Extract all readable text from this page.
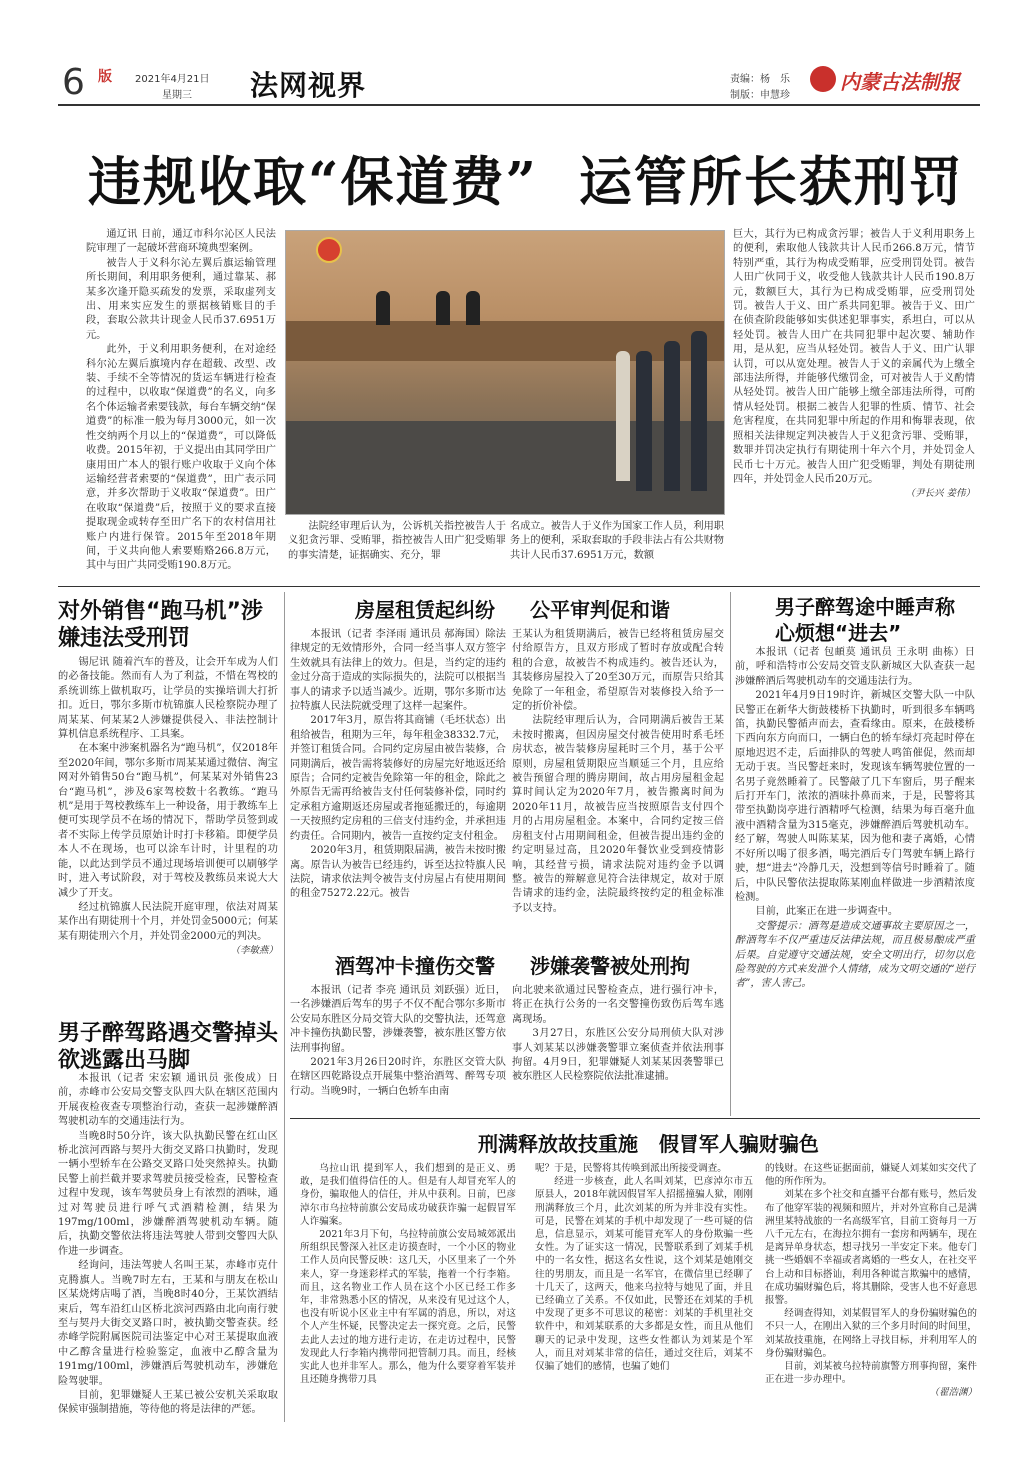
6 版 2021年4月21日
星期三 法网视界	责编：杨　乐
制版：申慧珍
内蒙古法制报
违规收取“保道费”  运管所长获刑罚

通辽讯 日前，通辽市科尔沁区人民法院审理了一起破坏营商环境典型案例。

被告人于义科尔沁左翼后旗运输管理所长期间，利用职务便利，通过靠某、郝某多次逢开隐买疏发的发票，采取虚列支出、用来实应发生的票据核销账目的手段，套取公款共计现金人民币37.6951万元。

此外，于义利用职务便利，在对途经科尔沁左翼后旗境内存在超载、改型、改装、手续不全等情况的货运车辆进行检查的过程中，以收取“保道费”的名义，向多名个体运输者索要钱款，每台车辆交纳“保道费”的标准一般为每月3000元，如一次性交纳两个月以上的“保道费”，可以降低收费。2015年初，于义提出由其同学田广康用田广本人的银行账户收取于义向个体运输经营者索要的“保道费”，田广表示同意，并多次帮助于义收取“保道费”。田广在收取“保道费”后，按照于义的要求直接提取现金或转存至田广名下的农村信用社账户内进行保管。2015年至2018年期间，于义共向他人索要贿赂266.8万元，其中与田广共同受贿190.8万元。

法院经审理后认为，公诉机关指控被告人于义犯贪污罪、受贿罪，指控被告人田广犯受贿罪的事实清楚，证据确实、充分，罪

名成立。被告人于义作为国家工作人员，利用职务上的便利，采取套取的手段非法占有公共财物共计人民币37.6951万元，数额

巨大，其行为已构成贪污罪；被告人于义利用职务上的便利，索取他人钱款共计人民币266.8万元，情节特别严重，其行为构成受贿罪，应受刑罚处罚。被告人田广伙同于义，收受他人钱款共计人民币190.8万元，数额巨大，其行为已构成受贿罪，应受刑罚处罚。被告人于义、田广系共同犯罪。被告于义、田广在侦查阶段能够如实供述犯罪事实，系坦白，可以从轻处罚。被告人田广在共同犯罪中起次要、辅助作用，是从犯，应当从轻处罚。被告人于义、田广认罪认罚，可以从宽处理。被告人于义的亲属代为上缴全部违法所得，并能够代缴罚金，可对被告人于义酌情从轻处罚。被告人田广能够上缴全部违法所得，可酌情从轻处罚。根据二被告人犯罪的性质、情节、社会危害程度，在共同犯罪中所起的作用和悔罪表现，依照相关法律规定判决被告人于义犯贪污罪、受贿罪，数罪并罚决定执行有期徒刑十年六个月，并处罚金人民币七十万元。被告人田广犯受贿罪，判处有期徒刑四年，并处罚金人民币20万元。

（尹长兴 姜伟）
对外销售“跑马机”涉嫌违法受刑罚

锡尼讯 随着汽车的普及，让会开车成为人们的必备技能。然而有人为了利益，不惜在驾校的系统训练上做机取巧，让学员的实操培训大打折扣。近日，鄂尔多斯市杭锦旗人民检察院办理了周某某、何某某2人涉嫌提供侵入、非法控制计算机信息系统程序、工具案。

在本案中涉案机器名为“跑马机”，仅2018年至2020年间，鄂尔多斯市周某某通过微信、淘宝网对外销售50台“跑马机”，何某某对外销售23台“跑马机”，涉及6家驾校数十名教练。“跑马机”是用于驾校教练车上一种设备，用于教练车上便可实现学员不在场的情况下，帮助学员签到或者不实际上传学员原始计时打卡移箱。即便学员本人不在现场，也可以涂车计时，计里程的功能，以此达到学员不通过现场培训便可以刷够学时，进入考试阶段，对于驾校及教练员来说大大减少了开支。

经过杭锦旗人民法院开庭审理，依法对周某某作出有期徒刑十个月，并处罚金5000元；何某某有期徒刑六个月，并处罚金2000元的判决。

（李敏燕）
男子醉驾路遇交警掉头欲逃露出马脚

本报讯（记者 宋宏颖 通讯员 张俊成）日前，赤峰市公安局交警支队四大队在辖区范围内开展夜检夜查专项整治行动，查获一起涉嫌醉酒驾驶机动车的交通违法行为。

当晚8时50分许，该大队执勤民警在红山区桥北滨河西路与契丹大街交叉路口执勤时，发现一辆小型轿车在公路交叉路口处突然掉头。执勤民警上前拦截并要求驾驶员接受检查，民警检查过程中发现，该车驾驶员身上有浓烈的酒味，通过对驾驶员进行呼气式酒精检测，结果为197mg/100ml，涉嫌醉酒驾驶机动车辆。随后，执勤交警依法将违法驾驶人带到交警四大队作进一步调查。

经询问，违法驾驶人名叫王某，赤峰市克什克腾旗人。当晚7时左右，王某和与朋友在松山区某烧烤店喝了酒，当晚8时40分，王某饮酒结束后，驾车沿红山区桥北滨河西路由北向南行驶至与契丹大街交叉路口时，被执勤交警查获。经赤峰学院附属医院司法鉴定中心对王某提取血液中乙醇含量进行检验鉴定，血液中乙醇含量为191mg/100ml，涉嫌酒后驾驶机动车，涉嫌危险驾驶罪。

目前，犯罪嫌疑人王某已被公安机关采取取保候审强制措施，等待他的将是法律的严惩。

房屋租赁起纠纷 公平审判促和谐

本报讯（记者 李泽雨 通讯员 郝海国）除法律规定的无效情形外，合同一经当事人双方签字生效就具有法律上的效力。但是，当约定的违约金过分高于造成的实际损失的，法院可以根据当事人的请求予以适当减少。近期，鄂尔多斯市达拉特旗人民法院就受理了这样一起案件。

2017年3月，原告将其商铺（毛坯状态）出租给被告，租期为三年，每年租金38332.7元，并签订租赁合同。合同约定房屋由被告装修，合同期满后，被告需将装修好的房屋完好地返还给原告；合同约定被告免除第一年的租金，除此之外原告无需再给被告支付任何装修补偿，同时约定承租方逾期返还房屋或者拖延搬迁的，每逾期一天按照约定房租的三倍支付违约金，并承担违约责任。合同期内，被告一直按约定支付租金。

2020年3月，租赁期限届满，被告未按时搬离。原告认为被告已经违约，诉至达拉特旗人民法院，请求依法判令被告支付房屋占有使用期间的租金75272.22元。被告

王某认为租赁期满后，被告已经将租赁房屋交付给原告方，且双方形成了暂时存放或配合转租的合意，故被告不构成违约。被告还认为，其装修房屋投入了20至30万元，而原告只给其免除了一年租金，希望原告对装修投入给予一定的折价补偿。

法院经审理后认为，合同期满后被告王某未按时搬离，但因房屋交付被告使用时系毛坯房状态，被告装修房屋耗时三个月，基于公平原则，房屋租赁期限应当顺延三个月，且应给被告预留合理的腾房期间，故占用房屋租金起算时间认定为2020年7月，被告搬离时间为2020年11月，故被告应当按照原告支付四个月的占用房屋租金。本案中，合同约定按三倍房租支付占用期间租金，但被告提出违约金的约定明显过高，且2020年餐饮业受到疫情影响，其经营亏损，请求法院对违约金予以调整。被告的辩解意见符合法律规定，故对于原告请求的违约金，法院最终按约定的租金标准予以支持。

酒驾冲卡撞伤交警 涉嫌袭警被处刑拘

本报讯（记者 李亮 通讯员 刘跃强）近日，一名涉嫌酒后驾车的男子不仅不配合鄂尔多斯市公安局东胜区分局交管大队的交警执法，还驾意冲卡撞伤执勤民警，涉嫌袭警，被东胜区警方依法刑事拘留。

2021年3月26日20时许，东胜区交管大队在辖区四乾路设点开展集中整治酒驾、醉驾专项行动。当晚9时，一辆白色轿车由南

向北驶来欲通过民警检查点，进行强行冲卡，将正在执行公务的一名交警撞伤致伤后驾车逃离现场。

3月27日，东胜区公安分局刑侦大队对涉事人刘某某以涉嫌袭警罪立案侦查并依法刑事拘留。4月9日，犯罪嫌疑人刘某某因袭警罪已被东胜区人民检察院依法批准逮捕。

男子醉驾途中睡声称心烦想“进去”

本报讯（记者 包頔莫 通讯员 王永明 曲栋）日前，呼和浩特市公安局交管支队新城区大队查获一起涉嫌醉酒后驾驶机动车的交通违法行为。

2021年4月9日19时许，新城区交警大队一中队民警正在新华大街鼓楼桥下执勤时，听到很多车辆鸣笛，执勤民警循声而去，查看缘由。原来，在鼓楼桥下西向东方向而口，一辆白色的轿车绿灯亮起时停在原地迟迟不走，后面排队的驾驶人鸣笛催促，然而却无动于衷。当民警赶来时，发现该车辆驾驶位置的一名男子竟然睡着了。民警敲了几下车窗后，男子醒来后打开车门，浓浓的酒味扑鼻而来，于是，民警将其带至执勤岗亭进行酒精呼气检测，结果为每百毫升血液中酒精含量为315毫克，涉嫌醉酒后驾驶机动车。经了解，驾驶人叫陈某某，因为他和妻子离婚，心情不好所以喝了很多酒，喝完酒后专门驾驶车辆上路行驶，想“进去”冷静几天，没想到等信号时睡着了。随后，中队民警依法提取陈某刚血样做进一步酒精浓度检测。

目前，此案正在进一步调查中。

交警提示：酒驾是造成交通事故主要原因之一，醉酒驾车不仅严重违反法律法规，而且极易酿成严重后果。自觉遵守交通法规，安全文明出行，切勿以危险驾驶的方式来发泄个人情绪，成为文明交通的“逆行者”，害人害己。

刑满释放故技重施   假冒军人骗财骗色

乌拉山讯 提到军人，我们想到的是正义、勇敢，是我们值得信任的人。但是有人却冒充军人的身份，骗取他人的信任，并从中获利。日前，巴彦淖尔市乌拉特前旗公安局成功破获诈骗一起假冒军人诈骗案。

2021年3月下旬，乌拉特前旗公安局城郊派出所组织民警深入社区走访摸查时，一个小区的物业工作人员向民警反映：这几天，小区里来了一个外来人，穿一身迷彩样式的军装，拖着一个行李箱。而且，这名物业工作人员在这个小区已经工作多年，非常熟悉小区的情况，从来没有见过这个人，也没有听说小区业主中有军属的消息，所以，对这个人产生怀疑，民警决定去一探究竟。之后，民警去此人去过的地方进行走访，在走访过程中，民警发现此人行李箱内携带同把管制刀具。而且，经核实此人也并非军人。那么，他为什么要穿着军装并且还随身携带刀具

呢？于是，民警将其传唤到派出所接受调查。

经进一步核查，此人名叫刘某，巴彦淖尔市五原县人，2018年就因假冒军人招摇撞骗人狱，刚刚刑满释放三个月，此次刘某的所为并非没有实性。可是，民警在刘某的手机中却发现了一些可疑的信息，信息显示，刘某可能冒充军人的身份欺骗一些女性。为了证实这一情况，民警联系到了刘某手机中的一名女性，据这名女性说，这个刘某是她刚交往的男朋友，而且是一名军官，在微信里已经聊了十几天了，这两天，他来乌拉特与她见了面，并且已经确立了关系。不仅如此，民警还在刘某的手机中发现了更多不可思议的秘密：刘某的手机里社交软件中，和刘某联系的大多都是女性，而且从他们聊天的记录中发现，这些女性都认为刘某是个军人，而且对刘某非常的信任，通过交往后，刘某不仅骗了她们的感情，也骗了她们

的钱财。在这些证据面前，嫌疑人刘某如实交代了他的所作所为。

刘某在多个社交和直播平台都有账号，然后发布了他穿军装的视频和照片，并对外宣称自己是满洲里某特战旅的一名高级军官，目前工资每月一万八千元左右，在海拉尔拥有一套房和两辆车，现在是离异单身状态，想寻找另一半安定下来。他专门挑一些婚姻不幸福或者离婚的一些女人，在社交平台上动和目标搭讪，利用各种谎言欺骗中的感情，在成功骗财骗色后，将其删除，受害人也不好意思报警。

经调查得知，刘某假冒军人的身份骗财骗色的不只一人，在刚出入狱的三个多月时间的时间里，刘某故技重施，在网络上寻找目标，并利用军人的身份骗财骗色。

目前，刘某被乌拉特前旗警方刑事拘留，案件正在进一步办理中。

（翟浩渊）
